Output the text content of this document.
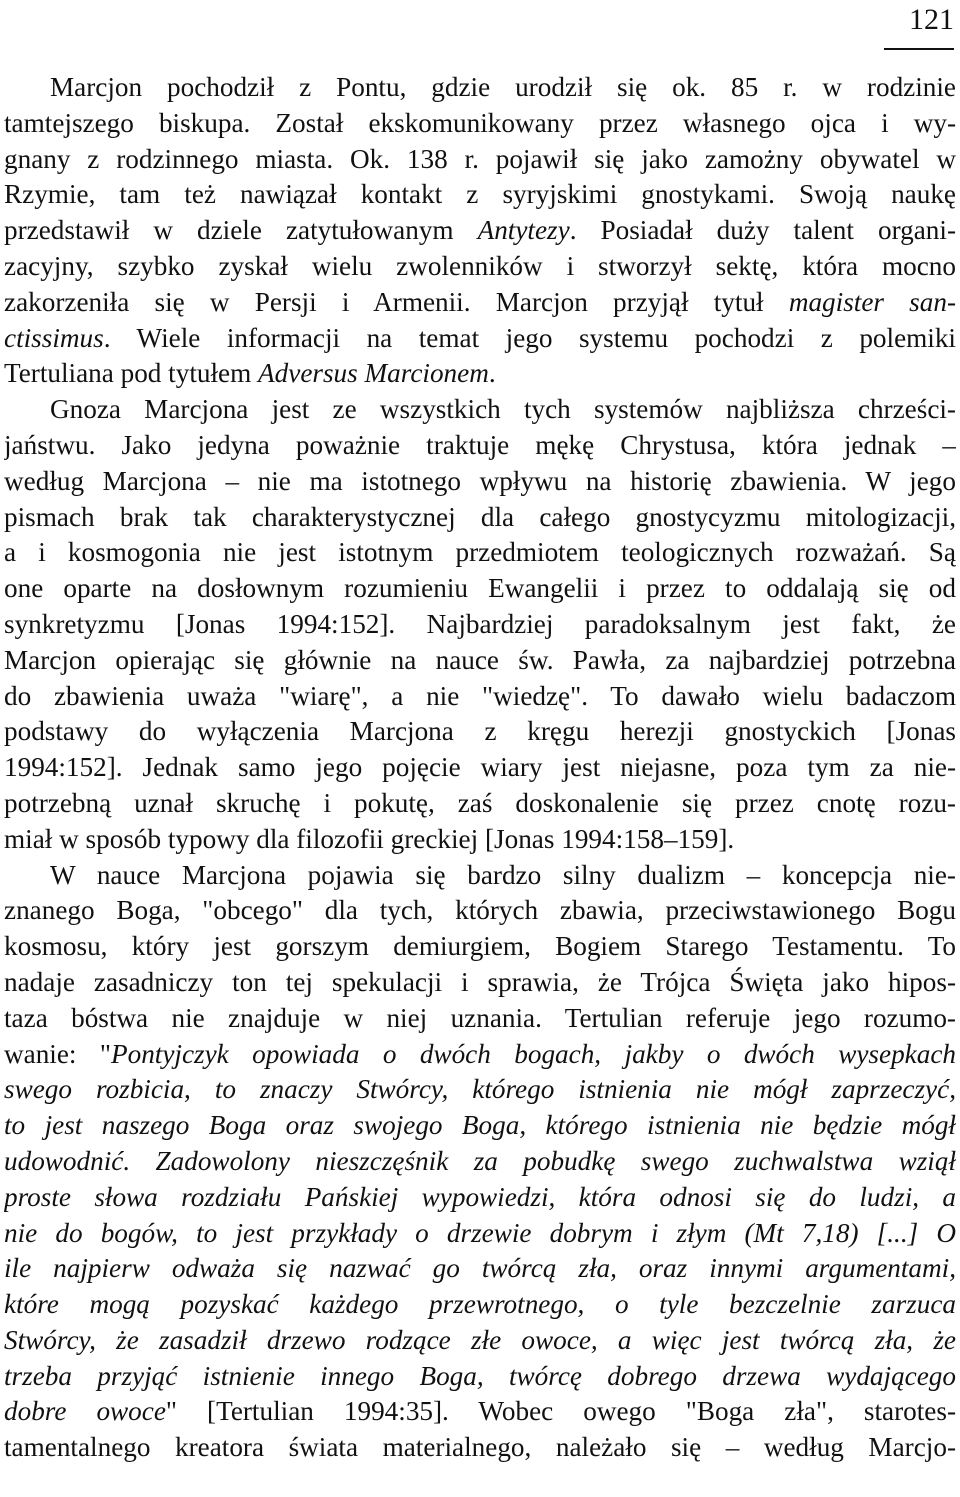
121
Marcjon pochodził z Pontu, gdzie urodził się ok. 85 r. w rodzinie
tamtejszego biskupa. Został ekskomunikowany przez własnego ojca i wy-
gnany z rodzinnego miasta. Ok. 138 r. pojawił się jako zamożny obywatel w
Rzymie, tam też nawiązał kontakt z syryjskimi gnostykami. Swoją naukę
przedstawił w dziele zatytułowanym Antytezy. Posiadał duży talent organi-
zacyjny, szybko zyskał wielu zwolenników i stworzył sektę, która mocno
zakorzeniła się w Persji i Armenii. Marcjon przyjął tytuł magister san-
ctissimus. Wiele informacji na temat jego systemu pochodzi z polemiki
Tertuliana pod tytułem Adversus Marcionem.
Gnoza Marcjona jest ze wszystkich tych systemów najbliższa chrześci-
jaństwu. Jako jedyna poważnie traktuje mękę Chrystusa, która jednak –
według Marcjona – nie ma istotnego wpływu na historię zbawienia. W jego
pismach brak tak charakterystycznej dla całego gnostycyzmu mitologizacji,
a i kosmogonia nie jest istotnym przedmiotem teologicznych rozważań. Są
one oparte na dosłownym rozumieniu Ewangelii i przez to oddalają się od
synkretyzmu [Jonas 1994:152]. Najbardziej paradoksalnym jest fakt, że
Marcjon opierając się głównie na nauce św. Pawła, za najbardziej potrzebna
do zbawienia uważa "wiarę", a nie "wiedzę". To dawało wielu badaczom
podstawy do wyłączenia Marcjona z kręgu herezji gnostyckich [Jonas
1994:152]. Jednak samo jego pojęcie wiary jest niejasne, poza tym za nie-
potrzebną uznał skruchę i pokutę, zaś doskonalenie się przez cnotę rozu-
miał w sposób typowy dla filozofii greckiej [Jonas 1994:158–159].
W nauce Marcjona pojawia się bardzo silny dualizm – koncepcja nie-
znanego Boga, "obcego" dla tych, których zbawia, przeciwstawionego Bogu
kosmosu, który jest gorszym demiurgiem, Bogiem Starego Testamentu. To
nadaje zasadniczy ton tej spekulacji i sprawia, że Trójca Święta jako hipos-
taza bóstwa nie znajduje w niej uznania. Tertulian referuje jego rozumo-
wanie: "Pontyjczyk opowiada o dwóch bogach, jakby o dwóch wysepkach
swego rozbicia, to znaczy Stwórcy, którego istnienia nie mógł zaprzeczyć,
to jest naszego Boga oraz swojego Boga, którego istnienia nie będzie mógł
udowodnić. Zadowolony nieszczęśnik za pobudkę swego zuchwalstwa wziął
proste słowa rozdziału Pańskiej wypowiedzi, która odnosi się do ludzi, a
nie do bogów, to jest przykłady o drzewie dobrym i złym (Mt 7,18) [...] O
ile najpierw odważa się nazwać go twórcą zła, oraz innymi argumentami,
które mogą pozyskać każdego przewrotnego, o tyle bezczelnie zarzuca
Stwórcy, że zasadził drzewo rodzące złe owoce, a więc jest twórcą zła, że
trzeba przyjąć istnienie innego Boga, twórcę dobrego drzewa wydającego
dobre owoce" [Tertulian 1994:35]. Wobec owego "Boga zła", starotes-
tamentalnego kreatora świata materialnego, należało się – według Marcjo-
